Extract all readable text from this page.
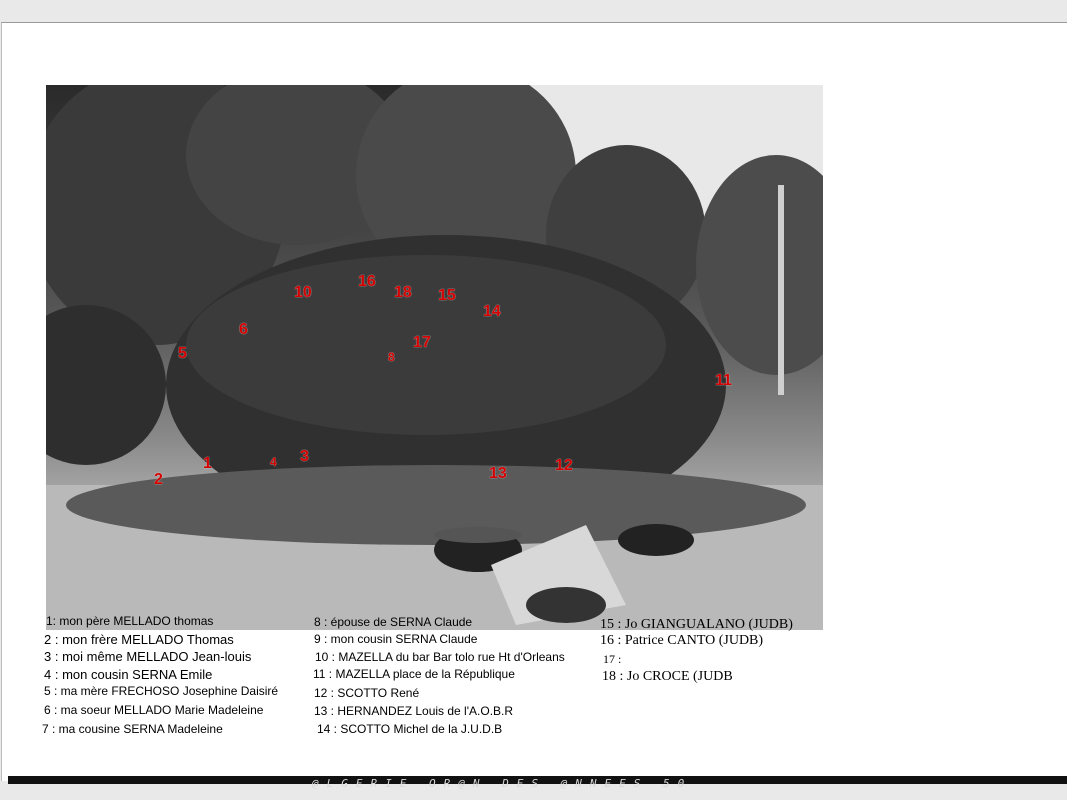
10
16
18 15
14
5
6
8
17
11
2
1	4 3
13	12
1: mon père MELLADO thomas
2 : mon frère MELLADO Thomas
3 : moi même MELLADO Jean-louis
4 : mon cousin SERNA Emile
5 : ma mère FRECHOSO Josephine Daisiré
6 : ma soeur MELLADO Marie Madeleine
7 : ma cousine SERNA Madeleine
8 : épouse de SERNA Claude
9 : mon cousin SERNA Claude
10 : MAZELLA du bar Bar tolo rue Ht d'Orleans
11 : MAZELLA place de la République
12 : SCOTTO René
13 : HERNANDEZ Louis de l'A.O.B.R
14 : SCOTTO Michel de la J.U.D.B
15 : Jo GIANGUALANO (JUDB)
16 : Patrice CANTO (JUDB)
17 :
18 : Jo CROCE (JUDB
@LGERIE OR@N DES @NNEES 50
